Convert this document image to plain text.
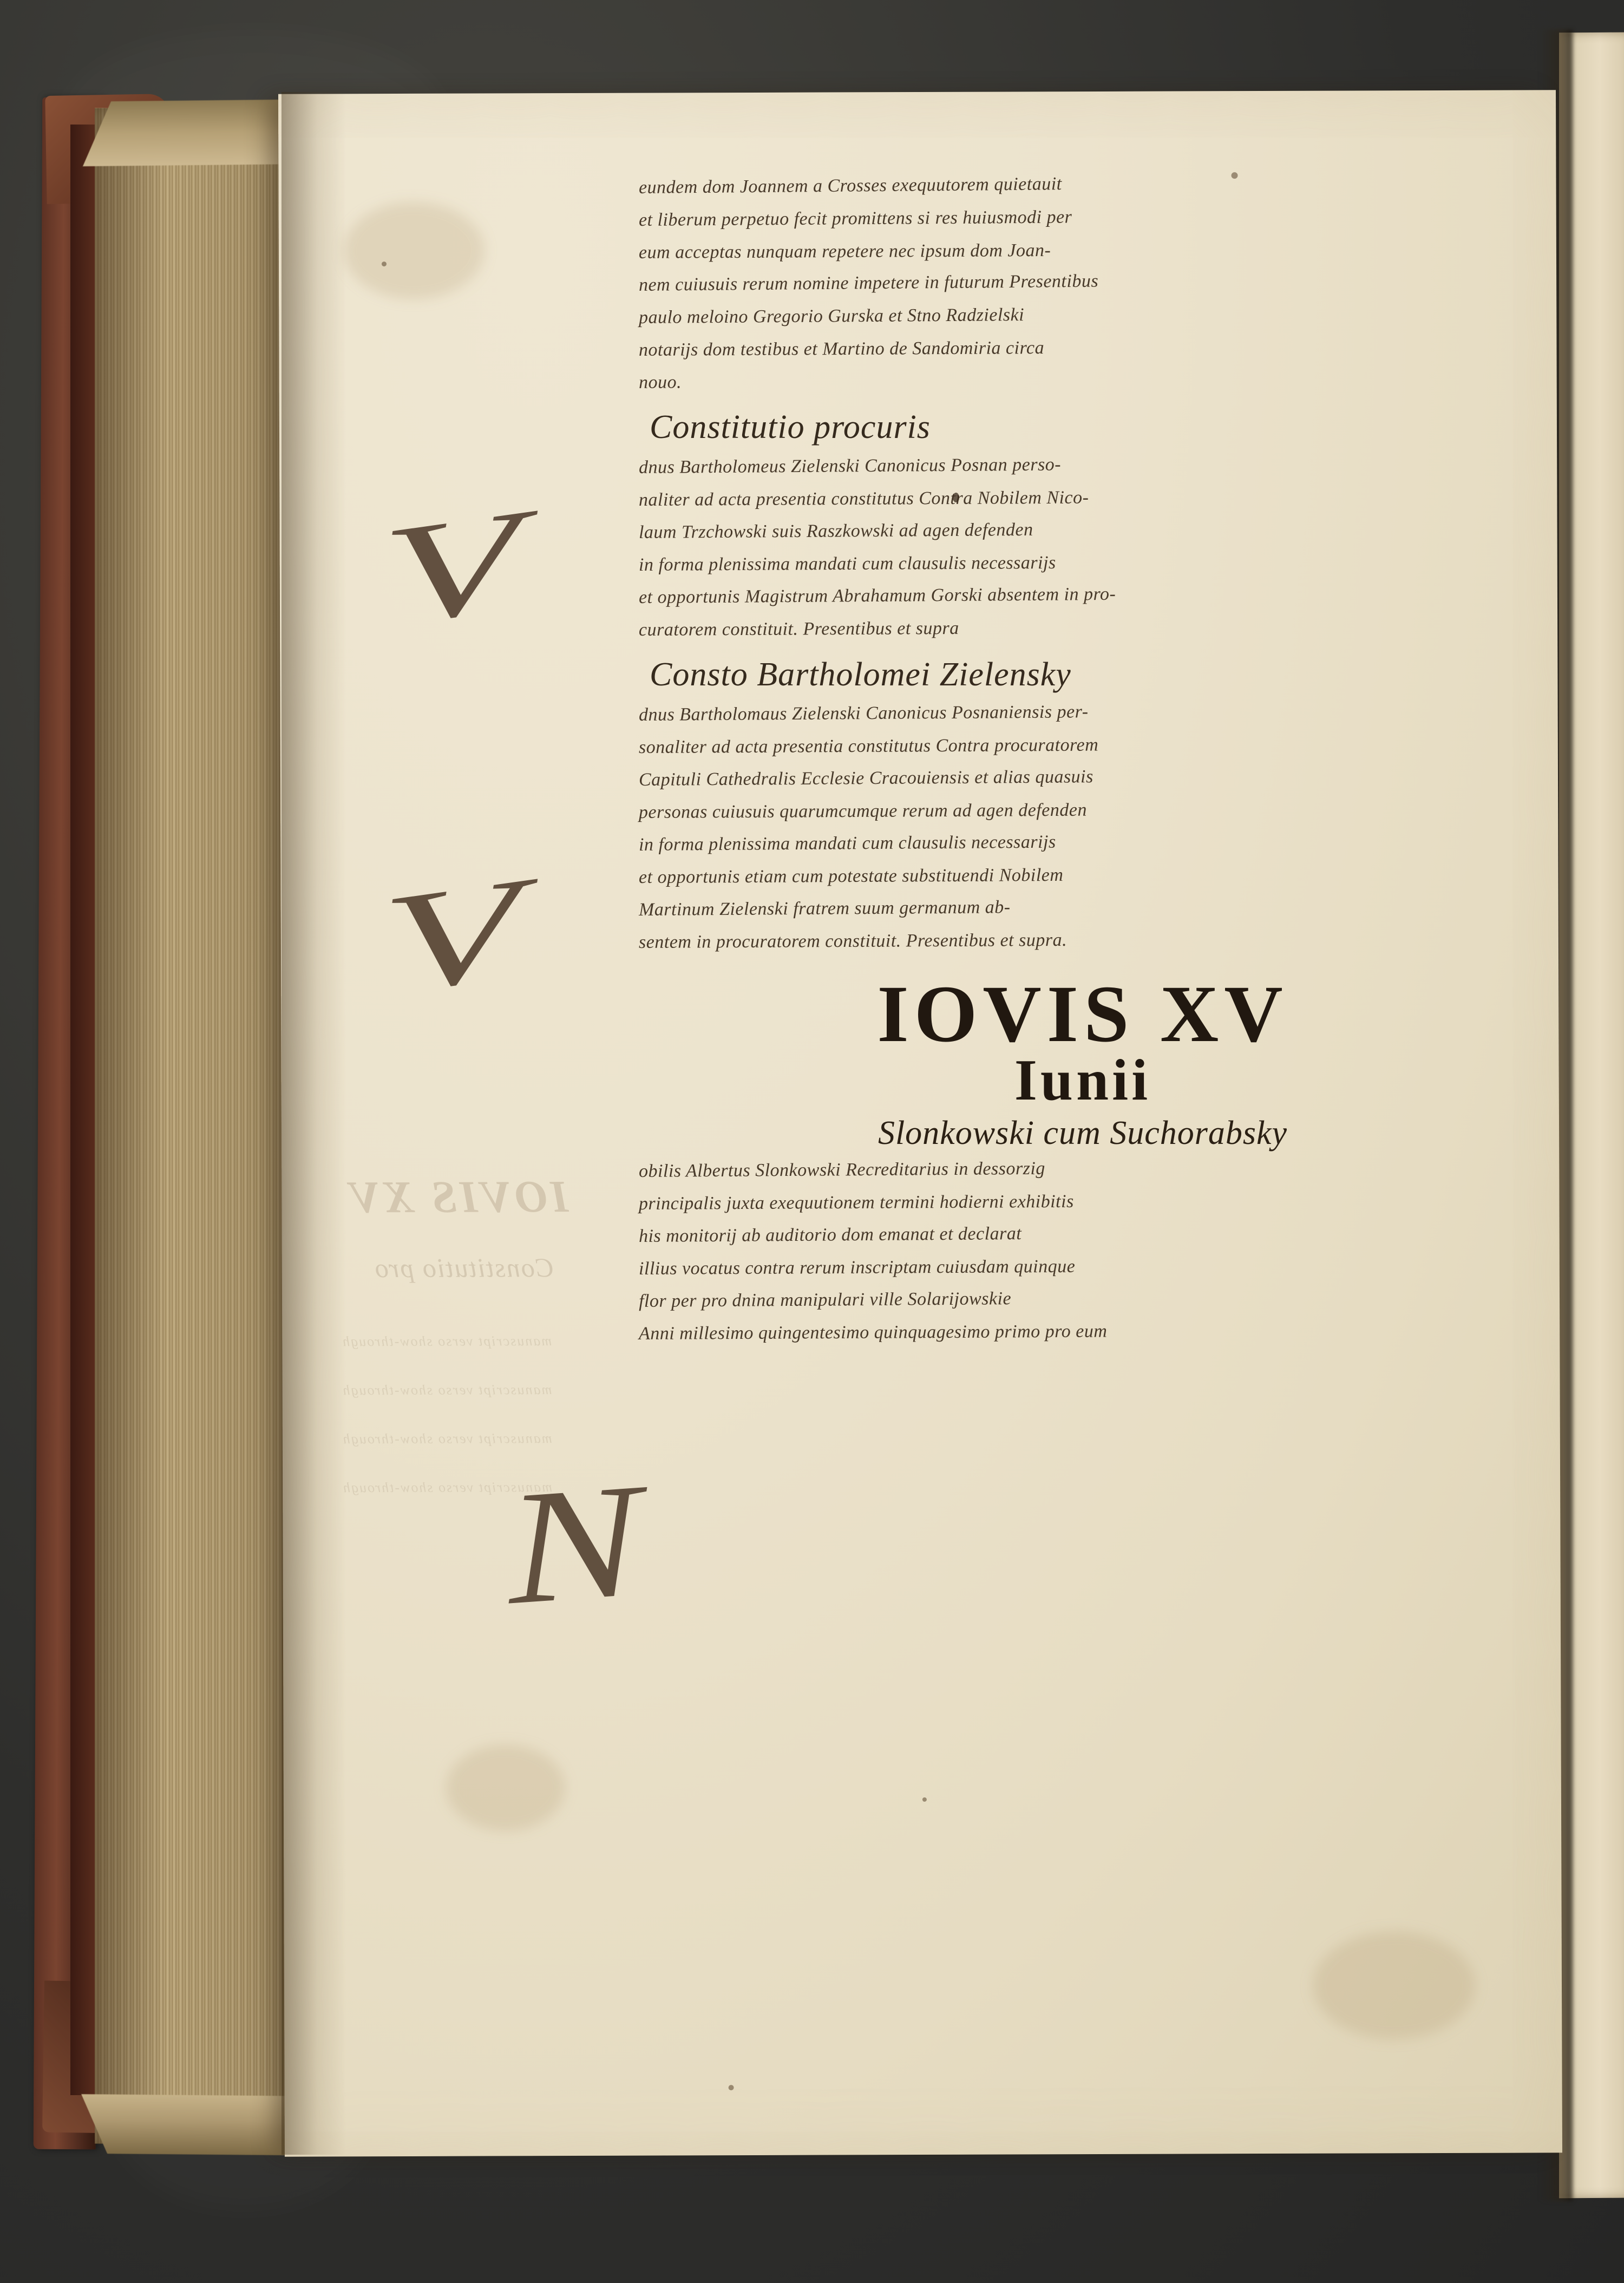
IOVIS XV
Constitutio pro
manuscript verso show-through
manuscript verso show-through
manuscript verso show-through
manuscript verso show-through
V
V
N
eundem dom Joannem a Crosses exequutorem quietauit
et liberum perpetuo fecit promittens si res huiusmodi per
eum acceptas nunquam repetere nec ipsum dom Joan-
nem cuiusuis rerum nomine impetere in futurum Presentibus
paulo meloino Gregorio Gurska et Stno Radzielski
notarijs dom testibus et Martino de Sandomiria circa
nouo.
Constitutio procuris
dnus Bartholomeus Zielenski Canonicus Posnan perso-
naliter ad acta presentia constitutus Contra Nobilem Nico-
laum Trzchowski suis Raszkowski ad agen defenden
in forma plenissima mandati cum clausulis necessarijs
et opportunis Magistrum Abrahamum Gorski absentem in pro-
curatorem constituit. Presentibus et supra
Consto Bartholomei Zielensky
dnus Bartholomaus Zielenski Canonicus Posnaniensis per-
sonaliter ad acta presentia constitutus Contra procuratorem
Capituli Cathedralis Ecclesie Cracouiensis et alias quasuis
personas cuiusuis quarumcumque rerum ad agen defenden
in forma plenissima mandati cum clausulis necessarijs
et opportunis etiam cum potestate substituendi Nobilem
Martinum Zielenski fratrem suum germanum ab-
sentem in procuratorem constituit. Presentibus et supra.
IOVIS XV
Iunii
Slonkowski cum Suchorabsky
obilis Albertus Slonkowski Recreditarius in dessorzig
principalis juxta exequutionem termini hodierni exhibitis
his monitorij ab auditorio dom emanat et declarat
illius vocatus contra rerum inscriptam cuiusdam quinque
flor per pro dnina manipulari ville Solarijowskie
Anni millesimo quingentesimo quinquagesimo primo pro eum
